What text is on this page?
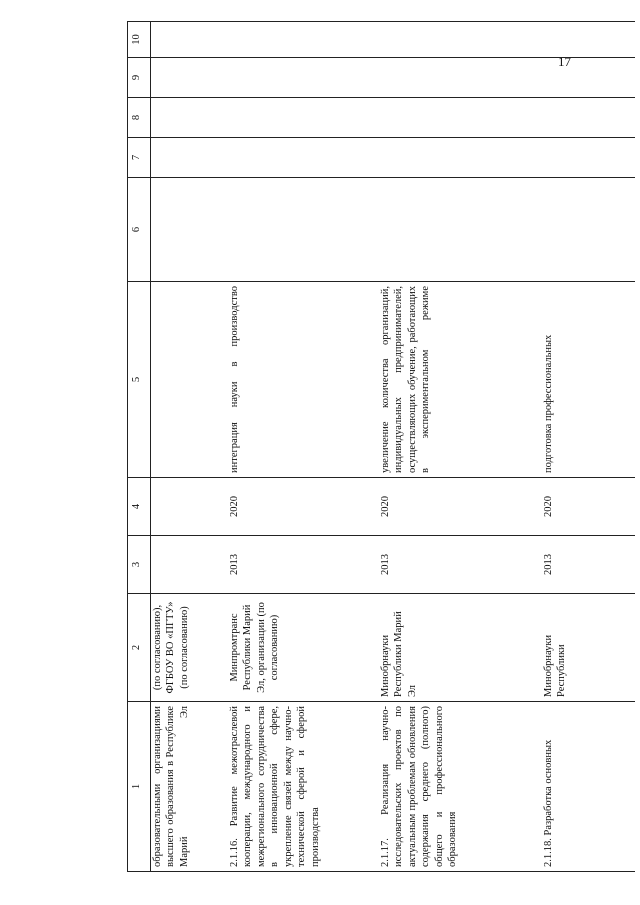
17
1	2	3	4	5	6	7	8	9	10

образовательными организациями высшего образования в Республике Марий Эл	(по согласованию), ФГБОУ ВО «ПГТУ» (по согласованию)								

2.1.16. Развитие межотраслевой кооперации, международного и межрегионального сотрудничества в инновационной сфере, укрепление связей между научно-технической сферой и сферой производства	Минпромтранс Республики Марий Эл, организации (по согласованию)	2013	2020	интеграция науки в производство					

2.1.17. Реализация научно-исследовательских проектов по актуальным проблемам обновления содержания среднего (полного) общего и профессионального образования	Минобрнауки Республики Марий Эл	2013	2020	увеличение количества организаций, индивидуальных предпринимателей, осуществляющих обучение, работающих в экспериментальном режиме					

2.1.18. Разработка основных	Минобрнауки Республики	2013	2020	подготовка профессиональных					
